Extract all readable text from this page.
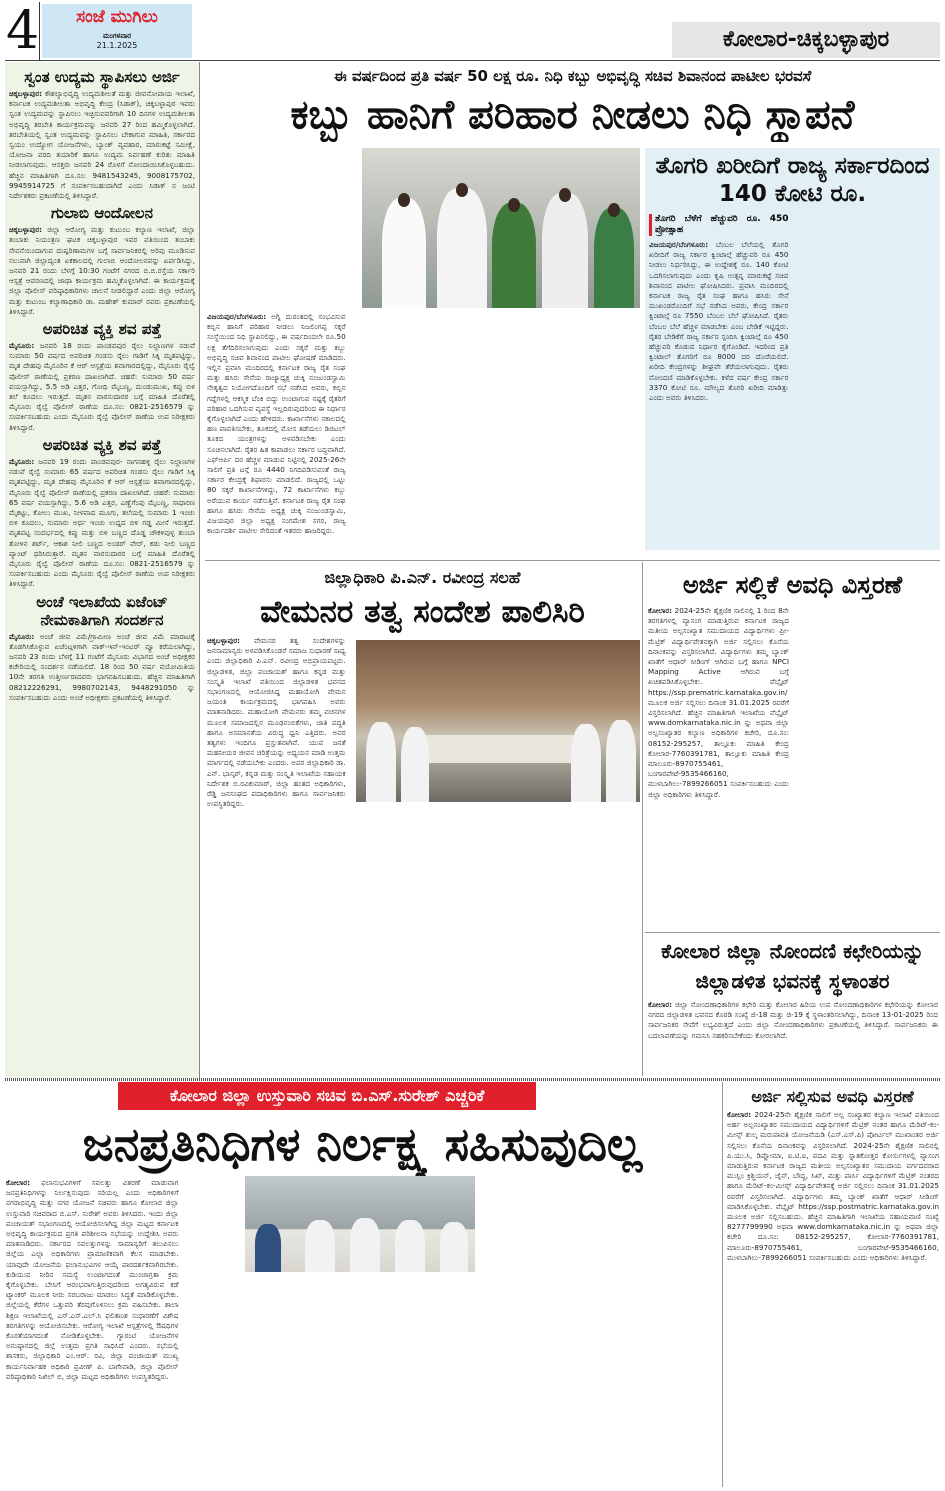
4	ಸಂಜೆ ಮುಗಿಲು
ಮಂಗಳವಾರ
21.1.2025	ಕೋಲಾರ-ಚಿಕ್ಕಬಳ್ಳಾಪುರ
ಸ್ವಂತ ಉದ್ಯಮ ಸ್ಥಾಪಿಸಲು ಅರ್ಜಿ
ಚಿಕ್ಕಬಳ್ಳಾಪುರ: ಕೌಶಲ್ಯಾಭಿವೃದ್ಧಿ ಉದ್ಯಮಶೀಲತೆ ಮತ್ತು ಜೀವನೋಪಾಯ ಇಲಾಖೆ, ಕರ್ನಾಟಕ ಉದ್ಯಮಶೀಲತಾ ಅಭಿವೃದ್ಧಿ ಕೇಂದ್ರ (ಸಿಡಾಕ್), ಚಿಕ್ಕಬಳ್ಳಾಪುರ ಇವರು ಸ್ವಂತ ಉದ್ಯಮವನ್ನು ಸ್ಥಾಪಿಸಲು ಇಚ್ಛಿಸುವವರಿಗಾಗಿ 10 ದಿನಗಳ ಉದ್ಯಮಶೀಲತಾ ಅಭಿವೃದ್ಧಿ ತರಬೇತಿ ಕಾರ್ಯಕ್ರಮವನ್ನು ಜನವರಿ 27 ರಿಂದ ಹಮ್ಮಿಕೊಳ್ಳಲಾಗಿದೆ. ತರಬೇತಿಯಲ್ಲಿ ಸ್ವಂತ ಉದ್ಯಮವನ್ನು ಸ್ಥಾಪಿಸಲು ಬೇಕಾಗುವ ಮಾಹಿತಿ, ಸರ್ಕಾರದ ಸ್ವಯಂ ಉದ್ಯೋಗ ಯೋಜನೆಗಳು, ಬ್ಯಾಂಕ್ ವ್ಯವಹಾರ, ಮಾರುಕಟ್ಟೆ ಸಮೀಕ್ಷೆ, ಯೋಜನಾ ವರದಿ ತಯಾರಿಕೆ ಹಾಗೂ ಉದ್ಯಮ ನಿರ್ವಹಣೆ ಕುರಿತು ಮಾಹಿತಿ ನೀಡಲಾಗುವುದು. ಆಸಕ್ತರು ಜನವರಿ 24 ರೊಳಗೆ ನೋಂದಾಯಿಸಿಕೊಳ್ಳಬಹುದು. ಹೆಚ್ಚಿನ ಮಾಹಿತಿಗಾಗಿ ದೂ.ಸಂ: 9481543245, 9008175702, 9945914725 ಗೆ ಸಂಪರ್ಕಿಸಬಹುದಾಗಿದೆ ಎಂದು ಸಿಡಾಕ್ ನ ಜಂಟಿ ನಿರ್ದೇಶಕರು ಪ್ರಕಟಣೆಯಲ್ಲಿ ತಿಳಿಸಿದ್ದಾರೆ.
ಗುಲಾಬಿ ಆಂದೋಲನ
ಚಿಕ್ಕಬಳ್ಳಾಪುರ: ಜಿಲ್ಲಾ ಆರೋಗ್ಯ ಮತ್ತು ಕುಟುಂಬ ಕಲ್ಯಾಣ ಇಲಾಖೆ, ಜಿಲ್ಲಾ ತಂಬಾಕು ನಿಯಂತ್ರಣ ಘಟಕ ಚಿಕ್ಕಬಳ್ಳಾಪುರ ಇವರ ವತಿಯಿಂದ ತಂಬಾಕು ಸೇವನೆಯಿಂದಾಗುವ ದುಷ್ಪರಿಣಾಮಗಳ ಬಗ್ಗೆ ಸಾರ್ವಜನಿಕರಲ್ಲಿ ಅರಿವು ಮೂಡಿಸುವ ಸಲುವಾಗಿ ಜಿಲ್ಲಾದ್ಯಂತ ಏಕಕಾಲದಲ್ಲಿ ಗುಲಾಬಿ ಆಂದೋಲನವನ್ನು ಏರ್ಪಡಿಸಿದ್ದು, ಜನವರಿ 21 ರಂದು ಬೆಳಗ್ಗೆ 10:30 ಗಂಟೆಗೆ ನಗರದ ಬಿ.ಬಿ.ರಸ್ತೆಯ ಸರ್ಕಾರಿ ಆಸ್ಪತ್ರೆ ಆವರಣದಲ್ಲಿ ಜಾಥಾ ಕಾರ್ಯಕ್ರಮ ಹಮ್ಮಿಕೊಳ್ಳಲಾಗಿದೆ. ಈ ಕಾರ್ಯಕ್ರಮಕ್ಕೆ ಜಿಲ್ಲಾ ಪೊಲೀಸ್ ವರಿಷ್ಠಾಧಿಕಾರಿಗಳು ಚಾಲನೆ ನೀಡಲಿದ್ದಾರೆ ಎಂದು ಜಿಲ್ಲಾ ಆರೋಗ್ಯ ಮತ್ತು ಕುಟುಂಬ ಕಲ್ಯಾಣಾಧಿಕಾರಿ ಡಾ. ಮಹೇಶ್ ಕುಮಾರ್ ರವರು ಪ್ರಕಟಣೆಯಲ್ಲಿ ತಿಳಿಸಿದ್ದಾರೆ.
ಅಪರಿಚಿತ ವ್ಯಕ್ತಿ ಶವ ಪತ್ತೆ
ಮೈಸೂರು: ಜನವರಿ 18 ರಂದು ಪಾಂಡವಪುರ ರೈಲು ನಿಲ್ದಾಣಗಳ ನಡುವೆ ಸುಮಾರು 50 ವರ್ಷದ ಅಪರಿಚಿತ ಗಂಡಸು ರೈಲು ಗಾಡಿಗೆ ಸಿಕ್ಕಿ ಮೃತಪಟ್ಟಿದ್ದು, ಮೃತ ದೇಹವು ಮೈಸೂರಿನ ಕೆ ಆರ್ ಆಸ್ಪತ್ರೆಯ ಶವಾಗಾರದಲ್ಲಿದ್ದು, ಮೈಸೂರು ರೈಲ್ವೆ ಪೊಲೀಸ್ ಠಾಣೆಯಲ್ಲಿ ಪ್ರಕರಣ ದಾಖಲಾಗಿದೆ. ಚಹರೆ: ಸುಮಾರು 50 ವರ್ಷ ವಯಸ್ಸಾಗಿದ್ದು, 5.5 ಅಡಿ ಎತ್ತರ, ಗೋಧಿ ಮೈಬಣ್ಣ, ದುಂಡುಮುಖ, ಕಪ್ಪು ಬಿಳಿ ತಲೆ ಕೂದಲು ಇರುತ್ತದೆ. ಮೃತನ ವಾರಸುದಾರರ ಬಗ್ಗೆ ಮಾಹಿತಿ ದೊರೆತಲ್ಲಿ ಮೈಸೂರು ರೈಲ್ವೆ ಪೊಲೀಸ್ ಠಾಣೆಯ ದೂ.ಸಂ: 0821-2516579 ನ್ನು ಸಂಪರ್ಕಿಸಬಹುದು ಎಂದು ಮೈಸೂರು ರೈಲ್ವೆ ಪೊಲೀಸ್ ಠಾಣೆಯ ಉಪ ನಿರೀಕ್ಷಕರು ತಿಳಿಸಿದ್ದಾರೆ.
ಅಪರಿಚಿತ ವ್ಯಕ್ತಿ ಶವ ಪತ್ತೆ
ಮೈಸೂರು: ಜನವರಿ 19 ರಂದು ಪಾಂಡವಪುರ- ನಾಗನಹಳ್ಳಿ ರೈಲು ನಿಲ್ದಾಣಗಳ ನಡುವೆ ರೈಲ್ವೆ ಸುಮಾರು 65 ವರ್ಷದ ಅಪರಿಚಿತ ಗಂಡಸು ರೈಲು ಗಾಡಿಗೆ ಸಿಕ್ಕಿ ಮೃತಪಟ್ಟಿದ್ದು, ಮೃತ ದೇಹವು ಮೈಸೂರಿನ ಕೆ ಆರ್ ಆಸ್ಪತ್ರೆಯ ಶವಾಗಾರದಲ್ಲಿದ್ದು, ಮೈಸೂರು ರೈಲ್ವೆ ಪೊಲೀಸ್ ಠಾಣೆಯಲ್ಲಿ ಪ್ರಕರಣ ದಾಖಲಾಗಿದೆ. ಚಹರೆ: ಸುಮಾರು 65 ವರ್ಷ ವಯಸ್ಸಾಗಿದ್ದು, 5.6 ಅಡಿ ಎತ್ತರ, ಎಣ್ಣೆಗೆಂಪು ಮೈಬಣ್ಣ, ಸಾಧಾರಣ ಮೈಕಟ್ಟು, ಕೋಲು ಮುಖ, ನೀಳವಾದ ಮೂಗು, ತಲೆಯಲ್ಲಿ ಸುಮಾರು 1 ಇಂಚು ಬಿಳಿ ಕೂದಲು, ಸುಮಾರು ಅರ್ಧ ಇಂಚು ಉದ್ದದ ಬಿಳಿ ಗಡ್ಡ ಮೀಸೆ ಇರುತ್ತದೆ. ಮೃತಪಟ್ಟ ಸಂದರ್ಭದಲ್ಲಿ ಕಪ್ಪು ಮತ್ತು ಬಿಳಿ ಬಣ್ಣದ ದೊಡ್ಡ ಚೌಕಳಿವುಳ್ಳ ತುಂಬಾ ತೋಳಿನ ಶರ್ಟ್, ಆಕಾಶ ನೀಲಿ ಬಣ್ಣದ ಅಂಡರ್ ವೇರ್, ಕಡು ನೀಲಿ ಬಣ್ಣದ ಪ್ಯಾಂಟ್ ಧರಿಸಿರುತ್ತಾರೆ. ಮೃತನ ವಾರಸುದಾರರ ಬಗ್ಗೆ ಮಾಹಿತಿ ದೊರೆತಲ್ಲಿ ಮೈಸೂರು ರೈಲ್ವೆ ಪೊಲೀಸ್ ಠಾಣೆಯ ದೂ.ಸಂ: 0821-2516579 ನ್ನು ಸಂಪರ್ಕಿಸಬಹುದು ಎಂದು ಮೈಸೂರು ರೈಲ್ವೆ ಪೊಲೀಸ್ ಠಾಣೆಯ ಉಪ ನಿರೀಕ್ಷಕರು ತಿಳಿಸಿದ್ದಾರೆ.
ಅಂಚೆ ಇಲಾಖೆಯ ಏಜೆಂಟ್ ನೇಮಕಾತಿಗಾಗಿ ಸಂದರ್ಶನ
ಮೈಸೂರು: ಅಂಚೆ ಜೀವ ವಿಮೆ/ಗ್ರಾಮೀಣ ಅಂಚೆ ಜೀವ ವಿಮೆ ಮಾರಾಟಕ್ಕೆ ತೊಡಗಿಸಿಕೊಳ್ಳುವ ಏಜೆಂಟ್ಗಳಿಗಾಗಿ ವಾಕ್-ಇನ್-ಇಂಟರ್ ವ್ಯೂ ಕರೆಯಲಾಗಿದ್ದು, ಜನವರಿ 23 ರಂದು ಬೆಳಗ್ಗೆ 11 ಗಂಟೆಗೆ ಮೈಸೂರು ವಿಭಾಗದ ಅಂಚೆ ಅಧೀಕ್ಷಕರ ಕಚೇರಿಯಲ್ಲಿ ಸಂದರ್ಶನ ನಡೆಯಲಿದೆ. 18 ರಿಂದ 50 ವರ್ಷ ವಯೋಮಿತಿಯ 10ನೇ ತರಗತಿ ಉತ್ತೀರ್ಣರಾದವರು ಭಾಗವಹಿಸಬಹುದು. ಹೆಚ್ಚಿನ ಮಾಹಿತಿಗಾಗಿ 08212226291, 9980702143, 9448291050 ನ್ನು ಸಂಪರ್ಕಿಸಬಹುದು ಎಂದು ಅಂಚೆ ಅಧೀಕ್ಷಕರು ಪ್ರಕಟಣೆಯಲ್ಲಿ ತಿಳಿಸಿದ್ದಾರೆ.
ಈ ವರ್ಷದಿಂದ ಪ್ರತಿ ವರ್ಷ 50 ಲಕ್ಷ ರೂ. ನಿಧಿ ಕಬ್ಬು ಅಭಿವೃದ್ಧಿ ಸಚಿವ ಶಿವಾನಂದ ಪಾಟೀಲ ಭರವಸೆ
ಕಬ್ಬು ಹಾನಿಗೆ ಪರಿಹಾರ ನೀಡಲು ನಿಧಿ ಸ್ಥಾಪನೆ
ವಿಜಯಪುರ/ಬೆಂಗಳೂರು: ಅಗ್ನಿ ದುರಂತದಲ್ಲಿ ಸಂಭವಿಸುವ ಕಬ್ಬಿನ ಹಾನಿಗೆ ಪರಿಹಾರ ನೀಡಲು ನಿಜಲಿಂಗಪ್ಪ ಸಕ್ಕರೆ ಸಂಸ್ಥೆಯಿಂದ ನಿಧಿ ಸ್ಥಾಪಿಸಲಿದ್ದು, ಈ ವರ್ಷದಿಂದಲೇ ರೂ.50 ಲಕ್ಷ ತೆಗೆದಿರಿಸಲಾಗುವುದು ಎಂದು ಸಕ್ಕರೆ ಮತ್ತು ಕಬ್ಬು ಅಭಿವೃದ್ಧಿ ಸಚಿವ ಶಿವಾನಂದ ಪಾಟೀಲ ಘೋಷಣೆ ಮಾಡಿದರು. ಇಲ್ಲಿನ ಪ್ರವಾಸಿ ಮಂದಿರದಲ್ಲಿ ಕರ್ನಾಟಕ ರಾಜ್ಯ ರೈತ ಸಂಘ ಮತ್ತು ಹಸಿರು ಸೇನೆಯ ರಾಜ್ಯಾಧ್ಯಕ್ಷ ಚುಕ್ಕಿ ನಂಜುಂಡಸ್ವಾಮಿ ನೇತೃತ್ವದ ನಿಯೋಗದೊಂದಿಗೆ ಸಭೆ ನಡೆಸಿದ ಅವರು, ಕಬ್ಬಿನ ಗದ್ದೆಗಳಲ್ಲಿ ಆಕಸ್ಮಿಕ ಬೆಂಕಿ ಬಿದ್ದು ಉಂಟಾಗುವ ನಷ್ಟಕ್ಕೆ ರೈತರಿಗೆ ಪರಿಹಾರ ಒದಗಿಸುವ ವ್ಯವಸ್ಥೆ ಇಲ್ಲದಿರುವುದರಿಂದ ಈ ನಿರ್ಧಾರ ಕೈಗೊಳ್ಳಲಾಗಿದೆ ಎಂದು ಹೇಳಿದರು. ಕಾರ್ಖಾನೆಗಳು ಸಕಾಲದಲ್ಲಿ ಹಣ ಪಾವತಿಸಬೇಕು, ತೂಕದಲ್ಲಿ ಮೋಸ ತಡೆಯಲು ಡಿಜಿಟಲ್ ತೂಕದ ಯಂತ್ರಗಳನ್ನು ಅಳವಡಿಸಬೇಕು ಎಂದು ಸೂಚಿಸಲಾಗಿದೆ. ರೈತರ ಹಿತ ಕಾಪಾಡಲು ಸರ್ಕಾರ ಬದ್ಧವಾಗಿದೆ. ಎಫ್ಆರ್ಪಿ ದರ ಹೆಚ್ಚಳ ಮಾಡುವ ನಿಟ್ಟಿನಲ್ಲಿ 2025-26ನೇ ಸಾಲಿಗೆ ಪ್ರತಿ ಟನ್ಗೆ ರೂ 4440 ನಿಗದಿಪಡಿಸುವಂತೆ ರಾಜ್ಯ ಸರ್ಕಾರ ಕೇಂದ್ರಕ್ಕೆ ಶಿಫಾರಸು ಮಾಡಲಿದೆ. ರಾಜ್ಯದಲ್ಲಿ ಒಟ್ಟು 80 ಸಕ್ಕರೆ ಕಾರ್ಖಾನೆಗಳಿದ್ದು, 72 ಕಾರ್ಖಾನೆಗಳು ಕಬ್ಬು ಅರೆಯುವ ಕಾರ್ಯ ನಡೆಸುತ್ತಿವೆ. ಕರ್ನಾಟಕ ರಾಜ್ಯ ರೈತ ಸಂಘ ಹಾಗೂ ಹಸಿರು ಸೇನೆಯ ಅಧ್ಯಕ್ಷ ಚುಕ್ಕಿ ನಂಜುಂಡಸ್ವಾಮಿ, ವಿಜಯಪುರ ಜಿಲ್ಲಾ ಅಧ್ಯಕ್ಷ ಸಂಗಮೇಶ ಸಗರ, ರಾಜ್ಯ ಕಾರ್ಯದರ್ಶಿ ಪಾಟೀಲ ಸೇರಿದಂತೆ ಇತರರು ಹಾಜರಿದ್ದರು.
ತೊಗರಿ ಖರೀದಿಗೆ ರಾಜ್ಯ ಸರ್ಕಾರದಿಂದ 140 ಕೋಟಿ ರೂ.
ತೊಗರಿ ಬೆಳೆಗೆ ಹೆಚ್ಚುವರಿ ರೂ. 450 ಪ್ರೋತ್ಸಾಹ
ವಿಜಯಪುರ/ಬೆಂಗಳೂರು: ಬೆಂಬಲ ಬೆಲೆಯಲ್ಲಿ ತೊಗರಿ ಖರೀದಿಗೆ ರಾಜ್ಯ ಸರ್ಕಾರ ಕ್ವಿಂಟಾಲ್ಗೆ ಹೆಚ್ಚುವರಿ ರೂ 450 ನೀಡಲು ನಿರ್ಧರಿಸಿದ್ದು, ಈ ಉದ್ದೇಶಕ್ಕೆ ರೂ. 140 ಕೋಟಿ ಒದಗಿಸಲಾಗುವುದು ಎಂದು ಕೃಷಿ ಉತ್ಪನ್ನ ಮಾರುಕಟ್ಟೆ ಸಚಿವ ಶಿವಾನಂದ ಪಾಟೀಲ ಘೋಷಿಸಿದರು. ಪ್ರವಾಸಿ ಮಂದಿರದಲ್ಲಿ ಕರ್ನಾಟಕ ರಾಜ್ಯ ರೈತ ಸಂಘ ಹಾಗೂ ಹಸಿರು ಸೇನೆ ಮುಖಂಡರೊಂದಿಗೆ ಸಭೆ ನಡೆಸಿದ ಅವರು, ಕೇಂದ್ರ ಸರ್ಕಾರ ಕ್ವಿಂಟಾಲ್ಗೆ ರೂ 7550 ಬೆಂಬಲ ಬೆಲೆ ಘೋಷಿಸಿದೆ. ರೈತರು ಬೆಂಬಲ ಬೆಲೆ ಹೆಚ್ಚಳ ಮಾಡಬೇಕು ಎಂಬ ಬೇಡಿಕೆ ಇಟ್ಟಿದ್ದರು. ರೈತರ ಬೇಡಿಕೆಗೆ ರಾಜ್ಯ ಸರ್ಕಾರ ಸ್ಪಂದಿಸಿ ಕ್ವಿಂಟಾಲ್ಗೆ ರೂ 450 ಹೆಚ್ಚುವರಿ ಕೊಡುವ ನಿರ್ಧಾರ ಕೈಗೊಂಡಿದೆ. ಇದರಿಂದ ಪ್ರತಿ ಕ್ವಿಂಟಾಲ್ ತೊಗರಿಗೆ ರೂ 8000 ದರ ದೊರೆಯಲಿದೆ. ಖರೀದಿ ಕೇಂದ್ರಗಳನ್ನು ಶೀಘ್ರವೇ ತೆರೆಯಲಾಗುವುದು. ರೈತರು ನೋಂದಣಿ ಮಾಡಿಕೊಳ್ಳಬೇಕು. ಕಳೆದ ವರ್ಷ ಕೇಂದ್ರ ಸರ್ಕಾರ 3370 ಕೋಟಿ ರೂ. ಮೌಲ್ಯದ ತೊಗರಿ ಖರೀದಿ ಮಾಡಿತ್ತು ಎಂದು ಅವರು ತಿಳಿಸಿದರು.
ಜಿಲ್ಲಾಧಿಕಾರಿ ಪಿ.ಎನ್. ರವೀಂದ್ರ ಸಲಹೆ
ವೇಮನರ ತತ್ವ ಸಂದೇಶ ಪಾಲಿಸಿರಿ
ಚಿಕ್ಕಬಳ್ಳಾಪುರ: ವೇಮನರ ತತ್ವ ಸಂದೇಶಗಳನ್ನು ಜನಸಾಮಾನ್ಯರು ಅಳವಡಿಸಿಕೊಂಡರೆ ಸಮಾಜ ಸುಧಾರಣೆ ಸಾಧ್ಯ ಎಂದು ಜಿಲ್ಲಾಧಿಕಾರಿ ಪಿ.ಎನ್. ರವೀಂದ್ರ ಅಭಿಪ್ರಾಯಪಟ್ಟರು. ಜಿಲ್ಲಾಡಳಿತ, ಜಿಲ್ಲಾ ಪಂಚಾಯತ್ ಹಾಗೂ ಕನ್ನಡ ಮತ್ತು ಸಂಸ್ಕೃತಿ ಇಲಾಖೆ ವತಿಯಿಂದ ಜಿಲ್ಲಾಡಳಿತ ಭವನದ ಸಭಾಂಗಣದಲ್ಲಿ ಆಯೋಜಿಸಿದ್ದ ಮಹಾಯೋಗಿ ವೇಮನ ಜಯಂತಿ ಕಾರ್ಯಕ್ರಮದಲ್ಲಿ ಭಾಗವಹಿಸಿ ಅವರು ಮಾತನಾಡಿದರು. ಮಹಾಯೋಗಿ ವೇಮನರು ತಮ್ಮ ವಚನಗಳ ಮೂಲಕ ಸಮಾಜದಲ್ಲಿನ ಮೂಢನಂಬಿಕೆಗಳು, ಜಾತಿ ಪದ್ಧತಿ ಹಾಗೂ ಅಸಮಾನತೆಯ ವಿರುದ್ಧ ಧ್ವನಿ ಎತ್ತಿದರು. ಅವರ ತತ್ವಗಳು ಇಂದಿಗೂ ಪ್ರಸ್ತುತವಾಗಿವೆ. ಯುವ ಜನತೆ ಮಹನೀಯರ ಜೀವನ ಚರಿತ್ರೆಯನ್ನು ಅಧ್ಯಯನ ಮಾಡಿ ಉತ್ತಮ ಮಾರ್ಗದಲ್ಲಿ ನಡೆಯಬೇಕು ಎಂದರು. ಅಪರ ಜಿಲ್ಲಾಧಿಕಾರಿ ಡಾ. ಎನ್. ಭಾಸ್ಕರ್, ಕನ್ನಡ ಮತ್ತು ಸಂಸ್ಕೃತಿ ಇಲಾಖೆಯ ಸಹಾಯಕ ನಿರ್ದೇಶಕ ಬಿ.ರವಿಕುಮಾರ್, ಜಿಲ್ಲಾ ಹಂತದ ಅಧಿಕಾರಿಗಳು, ರೆಡ್ಡಿ ಜನಸಂಘದ ಪದಾಧಿಕಾರಿಗಳು ಹಾಗೂ ಸಾರ್ವಜನಿಕರು ಉಪಸ್ಥಿತರಿದ್ದರು.
ಅರ್ಜಿ ಸಲ್ಲಿಕೆ ಅವಧಿ ವಿಸ್ತರಣೆ
ಕೋಲಾರ: 2024-25ನೇ ಶೈಕ್ಷಣಿಕ ಸಾಲಿನಲ್ಲಿ 1 ರಿಂದ 8ನೇ ತರಗತಿಗಳಲ್ಲಿ ವ್ಯಾಸಂಗ ಮಾಡುತ್ತಿರುವ ಕರ್ನಾಟಕ ರಾಜ್ಯದ ಮತೀಯ ಅಲ್ಪಸಂಖ್ಯಾತ ಸಮುದಾಯದ ವಿದ್ಯಾರ್ಥಿಗಳು ಪ್ರೀ-ಮೆಟ್ರಿಕ್ ವಿದ್ಯಾರ್ಥಿವೇತನಕ್ಕಾಗಿ ಅರ್ಜಿ ಸಲ್ಲಿಸಲು ಕೊನೆಯ ದಿನಾಂಕವನ್ನು ವಿಸ್ತರಿಸಲಾಗಿದೆ. ವಿದ್ಯಾರ್ಥಿಗಳು ತಮ್ಮ ಬ್ಯಾಂಕ್ ಖಾತೆಗೆ ಆಧಾರ್ ಸೀಡಿಂಗ್ ಆಗಿರುವ ಬಗ್ಗೆ ಹಾಗೂ NPCI Mapping Active ಆಗಿರುವ ಬಗ್ಗೆ ಖಚಿತಪಡಿಸಿಕೊಳ್ಳಬೇಕು. ವೆಬ್ಸೈಟ್ https://ssp.prematric.karnataka.gov.in/ ಮೂಲಕ ಅರ್ಜಿ ಸಲ್ಲಿಸಲು ದಿನಾಂಕ 31.01.2025 ರವರೆಗೆ ವಿಸ್ತರಿಸಲಾಗಿದೆ. ಹೆಚ್ಚಿನ ಮಾಹಿತಿಗಾಗಿ ಇಲಾಖೆಯ ವೆಬ್ಸೈಟ್ www.domkarnataka.nic.in ನ್ನು ಅಥವಾ ಜಿಲ್ಲಾ ಅಲ್ಪಸಂಖ್ಯಾತರ ಕಲ್ಯಾಣ ಅಧಿಕಾರಿಗಳ ಕಚೇರಿ, ದೂ.ಸಂ: 08152-295257, ತಾಲ್ಲೂಕು ಮಾಹಿತಿ ಕೇಂದ್ರ ಕೋಲಾರ-7760391781, ತಾಲ್ಲೂಕು ಮಾಹಿತಿ ಕೇಂದ್ರ ಮಾಲೂರು-8970755461, ಬಂಗಾರಪೇಟೆ-9535466160, ಮುಳಬಾಗಿಲು-7899266051 ಸಂಪರ್ಕಿಸಬಹುದು ಎಂದು ಜಿಲ್ಲಾ ಅಧಿಕಾರಿಗಳು ತಿಳಿಸಿದ್ದಾರೆ.
ಕೋಲಾರ ಜಿಲ್ಲಾ ನೋಂದಣಿ ಕಛೇರಿಯನ್ನು ಜಿಲ್ಲಾಡಳಿತ ಭವನಕ್ಕೆ ಸ್ಥಳಾಂತರ
ಕೋಲಾರ: ಜಿಲ್ಲಾ ನೋಂದಣಾಧಿಕಾರಿಗಳ ಕಛೇರಿ ಮತ್ತು ಕೋಲಾರ ಹಿರಿಯ ಉಪ ನೋಂದಣಾಧಿಕಾರಿಗಳ ಕಛೇರಿಯನ್ನು ಕೋಲಾರ ನಗರದ ಜಿಲ್ಲಾಡಳಿತ ಭವನದ ಕೊಠಡಿ ಸಂಖ್ಯೆ ಜಿ-18 ಮತ್ತು ಜಿ-19 ಕ್ಕೆ ಸ್ಥಳಾಂತರಿಸಲಾಗಿದ್ದು, ದಿನಾಂಕ 13-01-2025 ರಿಂದ ಸಾರ್ವಜನಿಕರ ಸೇವೆಗೆ ಲಭ್ಯವಿರುತ್ತದೆ ಎಂದು ಜಿಲ್ಲಾ ನೋಂದಣಾಧಿಕಾರಿಗಳು ಪ್ರಕಟಣೆಯಲ್ಲಿ ತಿಳಿಸಿದ್ದಾರೆ. ಸಾರ್ವಜನಿಕರು ಈ ಬದಲಾವಣೆಯನ್ನು ಗಮನಿಸಿ ಸಹಕರಿಸಬೇಕೆಂದು ಕೋರಲಾಗಿದೆ.
ಕೋಲಾರ ಜಿಲ್ಲಾ ಉಸ್ತುವಾರಿ ಸಚಿವ ಬಿ.ಎಸ್.ಸುರೇಶ್ ಎಚ್ಚರಿಕೆ
ಜನಪ್ರತಿನಿಧಿಗಳ ನಿರ್ಲಕ್ಷ್ಯ ಸಹಿಸುವುದಿಲ್ಲ
ಕೋಲಾರ: ಫಲಾನುಭವಿಗಳಿಗೆ ಸವಲತ್ತು ವಿತರಣೆ ಮಾಡುವಾಗ ಜನಪ್ರತಿನಿಧಿಗಳನ್ನು ನಿರ್ಲಕ್ಷಿಸುವುದು ಸರಿಯಲ್ಲ ಎಂದು ಅಧಿಕಾರಿಗಳಿಗೆ ನಗರಾಭಿವೃದ್ಧಿ ಮತ್ತು ನಗರ ಯೋಜನೆ ಸಚಿವರು ಹಾಗೂ ಕೋಲಾರ ಜಿಲ್ಲಾ ಉಸ್ತುವಾರಿ ಸಚಿವರಾದ ಬಿ.ಎಸ್. ಸುರೇಶ್ ಅವರು ತಿಳಿಸಿದರು. ಇಂದು ಜಿಲ್ಲಾ ಪಂಚಾಯತ್ ಸಭಾಂಗಣದಲ್ಲಿ ಆಯೋಜಿಸಲಾಗಿದ್ದ ಜಿಲ್ಲಾ ಮಟ್ಟದ ಕರ್ನಾಟಕ ಅಭಿವೃದ್ಧಿ ಕಾರ್ಯಕ್ರಮದ ಪ್ರಗತಿ ಪರಿಶೀಲನಾ ಸಭೆಯನ್ನು ಉದ್ದೇಶಿಸಿ ಅವರು ಮಾತನಾಡಿದರು. ಸರ್ಕಾರದ ಸವಲತ್ತುಗಳನ್ನು ಸಾಮಾನ್ಯರಿಗೆ ತಲುಪಿಸಲು ಜಿಲ್ಲೆಯ ಎಲ್ಲಾ ಅಧಿಕಾರಿಗಳು ಪ್ರಾಮಾಣಿಕವಾಗಿ ಕೆಲಸ ಮಾಡಬೇಕು. ಯಾವುದೇ ಯೋಜನೆಯ ಫಲಾನುಭವಿಗಳ ಆಯ್ಕೆ ಪಾರದರ್ಶಕವಾಗಿರಬೇಕು. ಕುಡಿಯುವ ನೀರಿನ ಸಮಸ್ಯೆ ಉಂಟಾಗದಂತೆ ಮುಂಜಾಗ್ರತಾ ಕ್ರಮ ಕೈಗೊಳ್ಳಬೇಕು. ಬೇಸಿಗೆ ಆರಂಭವಾಗುತ್ತಿರುವುದರಿಂದ ಅಗತ್ಯವಿರುವ ಕಡೆ ಟ್ಯಾಂಕರ್ ಮೂಲಕ ನೀರು ಸರಬರಾಜು ಮಾಡಲು ಸಿದ್ಧತೆ ಮಾಡಿಕೊಳ್ಳಬೇಕು. ಜಿಲ್ಲೆಯಲ್ಲಿ ಕೆರೆಗಳ ಒತ್ತುವರಿ ತೆರವುಗೊಳಿಸಲು ಕ್ರಮ ವಹಿಸಬೇಕು. ಶಾಲಾ ಶಿಕ್ಷಣ ಇಲಾಖೆಯಲ್ಲಿ ಎಸ್.ಎಸ್.ಎಲ್.ಸಿ ಫಲಿತಾಂಶ ಸುಧಾರಣೆಗೆ ವಿಶೇಷ ತರಗತಿಗಳನ್ನು ಆಯೋಜಿಸಬೇಕು. ಆರೋಗ್ಯ ಇಲಾಖೆ ಆಸ್ಪತ್ರೆಗಳಲ್ಲಿ ಔಷಧಿಗಳ ಕೊರತೆಯಾಗದಂತೆ ನೋಡಿಕೊಳ್ಳಬೇಕು. ಗ್ಯಾರಂಟಿ ಯೋಜನೆಗಳ ಅನುಷ್ಠಾನದಲ್ಲಿ ಜಿಲ್ಲೆ ಉತ್ತಮ ಪ್ರಗತಿ ಸಾಧಿಸಿದೆ ಎಂದರು. ಸಭೆಯಲ್ಲಿ ಶಾಸಕರು, ಜಿಲ್ಲಾಧಿಕಾರಿ ಎಂ.ಆರ್. ರವಿ, ಜಿಲ್ಲಾ ಪಂಚಾಯತ್ ಮುಖ್ಯ ಕಾರ್ಯನಿರ್ವಾಹಕ ಅಧಿಕಾರಿ ಪ್ರವೀಣ್ ಪಿ. ಬಾಗೇವಾಡಿ, ಜಿಲ್ಲಾ ಪೊಲೀಸ್ ವರಿಷ್ಠಾಧಿಕಾರಿ ನಿಖಿಲ್ ಬಿ, ಜಿಲ್ಲಾ ಮಟ್ಟದ ಅಧಿಕಾರಿಗಳು ಉಪಸ್ಥಿತರಿದ್ದರು.
ಅರ್ಜಿ ಸಲ್ಲಿಸುವ ಅವಧಿ ವಿಸ್ತರಣೆ
ಕೋಲಾರ: 2024-25ನೇ ಶೈಕ್ಷಣಿಕ ಸಾಲಿಗೆ ಅಲ್ಪ ಸಂಖ್ಯಾತರ ಕಲ್ಯಾಣ ಇಲಾಖೆ ವತಿಯಿಂದ ಅರ್ಹ ಅಲ್ಪಸಂಖ್ಯಾತರ ಸಮುದಾಯದ ವಿದ್ಯಾರ್ಥಿಗಳಿಗೆ ಮೆಟ್ರಿಕ್ ನಂತರ ಹಾಗೂ ಮೆರಿಟ್-ಕಂ- ಮೀನ್ಸ್ ಶುಲ್ಕ ಮರುಪಾವತಿ ಯೋಜನೆಯಡಿ (ಎಸ್.ಎಸ್.ಪಿ) ಪೋರ್ಟಲ್ ಮುಖಾಂತರ ಅರ್ಜಿ ಸಲ್ಲಿಸಲು ಕೊನೆಯ ದಿನಾಂಕವನ್ನು ವಿಸ್ತರಿಸಲಾಗಿದೆ. 2024-25ನೇ ಶೈಕ್ಷಣಿಕ ಸಾಲಿನಲ್ಲಿ ಪಿ.ಯು.ಸಿ, ಡಿಪ್ಲೋಮಾ, ಐ.ಟಿ.ಐ, ಪದವಿ ಮತ್ತು ಸ್ನಾತಕೋತ್ತರ ಕೋರ್ಸುಗಳಲ್ಲಿ ವ್ಯಾಸಂಗ ಮಾಡುತ್ತಿರುವ ಕರ್ನಾಟಕ ರಾಜ್ಯದ ಮತೀಯ ಅಲ್ಪಸಂಖ್ಯಾತರ ಸಮುದಾಯ ವರ್ಗದವರಾದ ಮುಸ್ಲಿಂ ಕ್ರಿಶ್ಚಿಯನ್, ಜೈನ್, ಬೌದ್ಧ, ಸಿಖ್, ಮತ್ತು ಪಾರ್ಸಿ ವಿದ್ಯಾರ್ಥಿಗಳಿಗೆ ಮೆಟ್ರಿಕ್ ನಂತರದ ಹಾಗೂ ಮೆರಿಟ್-ಕಂ-ಮೀನ್ಸ್ ವಿದ್ಯಾರ್ಥಿವೇತನಕ್ಕೆ ಅರ್ಜಿ ಸಲ್ಲಿಸಲು ದಿನಾಂಕ 31.01.2025 ರವರೆಗೆ ವಿಸ್ತರಿಸಲಾಗಿದೆ. ವಿದ್ಯಾರ್ಥಿಗಳು ತಮ್ಮ ಬ್ಯಾಂಕ್ ಖಾತೆಗೆ ಆಧಾರ್ ಸೀಡಿಂಗ್ ಮಾಡಿಸಿಕೊಳ್ಳಬೇಕು. ವೆಬ್ಸೈಟ್ https://ssp.postmatric.karnataka.gov.in ಮೂಲಕ ಅರ್ಜಿ ಸಲ್ಲಿಸಬಹುದು. ಹೆಚ್ಚಿನ ಮಾಹಿತಿಗಾಗಿ ಇಲಾಖೆಯ ಸಹಾಯವಾಣಿ ಸಂಖ್ಯೆ 8277799990 ಅಥವಾ www.domkarnataka.nic.in ನ್ನು ಅಥವಾ ಜಿಲ್ಲಾ ಕಚೇರಿ ದೂ.ಸಂ: 08152-295257, ಕೋಲಾರ-7760391781, ಮಾಲೂರು-8970755461, ಬಂಗಾರಪೇಟೆ-9535466160, ಮುಳಬಾಗಿಲು-7899266051 ಸಂಪರ್ಕಿಸಬಹುದು ಎಂದು ಅಧಿಕಾರಿಗಳು ತಿಳಿಸಿದ್ದಾರೆ.
